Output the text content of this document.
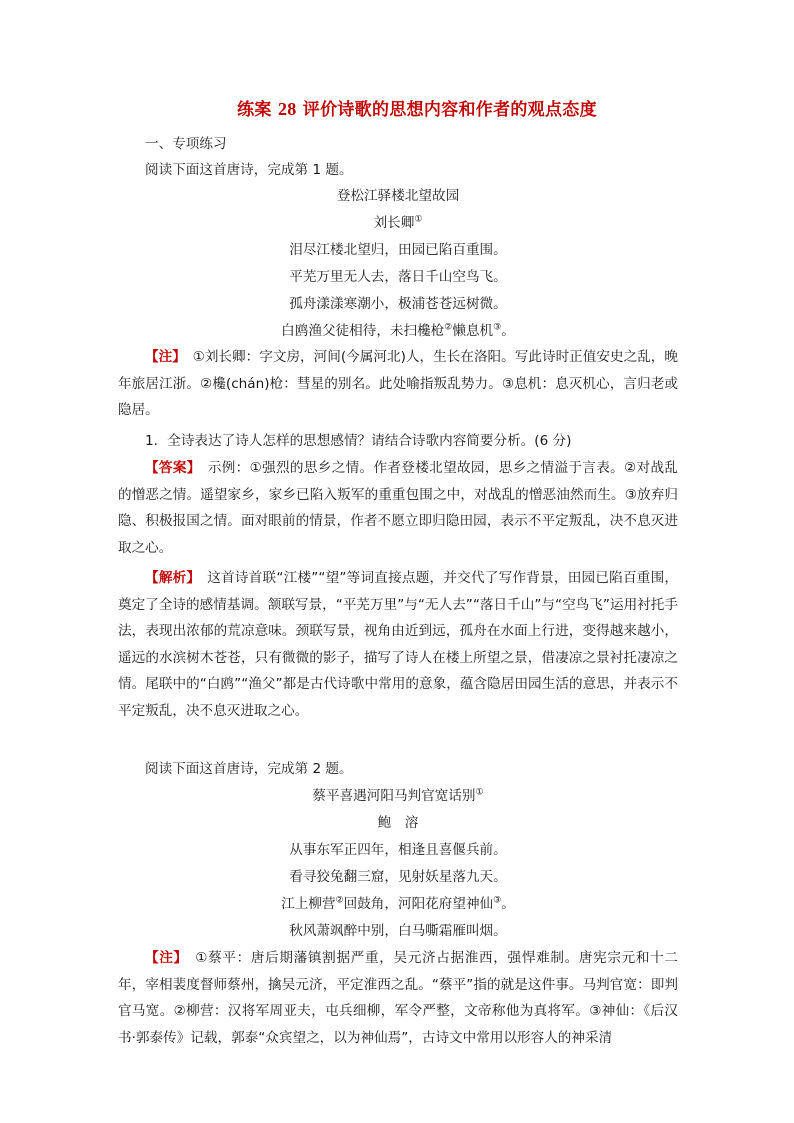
练案 28 评价诗歌的思想内容和作者的观点态度
一、专项练习
阅读下面这首唐诗，完成第 1 题。
登松江驿楼北望故园
刘长卿①
泪尽江楼北望归，田园已陷百重围。
平芜万里无人去，落日千山空鸟飞。
孤舟漾漾寒潮小，极浦苍苍远树微。
白鸥渔父徒相待，未扫欃枪②懒息机③。
【注】　 ①刘长卿：字文房，河间(今属河北)人，生长在洛阳。写此诗时正值安史之乱，晚年旅居江浙。②欃(chán)枪：彗星的别名。此处喻指叛乱势力。③息机：息灭机心，言归老或隐居。
1．全诗表达了诗人怎样的思想感情？请结合诗歌内容简要分析。(6 分)
【答案】　 示例：①强烈的思乡之情。作者登楼北望故园，思乡之情溢于言表。②对战乱的憎恶之情。遥望家乡，家乡已陷入叛军的重重包围之中，对战乱的憎恶油然而生。③放弃归隐、积极报国之情。面对眼前的情景，作者不愿立即归隐田园，表示不平定叛乱，决不息灭进取之心。
【解析】　 这首诗首联“江楼”“望”等词直接点题，并交代了写作背景，田园已陷百重围，奠定了全诗的感情基调。颔联写景，“平芜万里”与“无人去”“落日千山”与“空鸟飞”运用衬托手法，表现出浓郁的荒凉意味。颈联写景，视角由近到远，孤舟在水面上行进，变得越来越小，遥远的水滨树木苍苍，只有微微的影子，描写了诗人在楼上所望之景，借凄凉之景衬托凄凉之情。尾联中的“白鸥”“渔父”都是古代诗歌中常用的意象，蕴含隐居田园生活的意思，并表示不平定叛乱，决不息灭进取之心。
阅读下面这首唐诗，完成第 2 题。
蔡平喜遇河阳马判官宽话别①
鲍　溶
从事东军正四年，相逢且喜偃兵前。
看寻狡兔翻三窟，见射妖星落九天。
江上柳营②回鼓角，河阳花府望神仙③。
秋风萧飒醉中别，白马嘶霜雁叫烟。
【注】　 ①蔡平：唐后期藩镇割据严重，吴元济占据淮西，强悍难制。唐宪宗元和十二年，宰相裴度督师蔡州，擒吴元济，平定淮西之乱。“蔡平”指的就是这件事。马判官宽：即判官马宽。②柳营：汉将军周亚夫，屯兵细柳，军令严整，文帝称他为真将军。③神仙：《后汉书·郭泰传》记载，郭泰“众宾望之，以为神仙焉”，古诗文中常用以形容人的神采清
